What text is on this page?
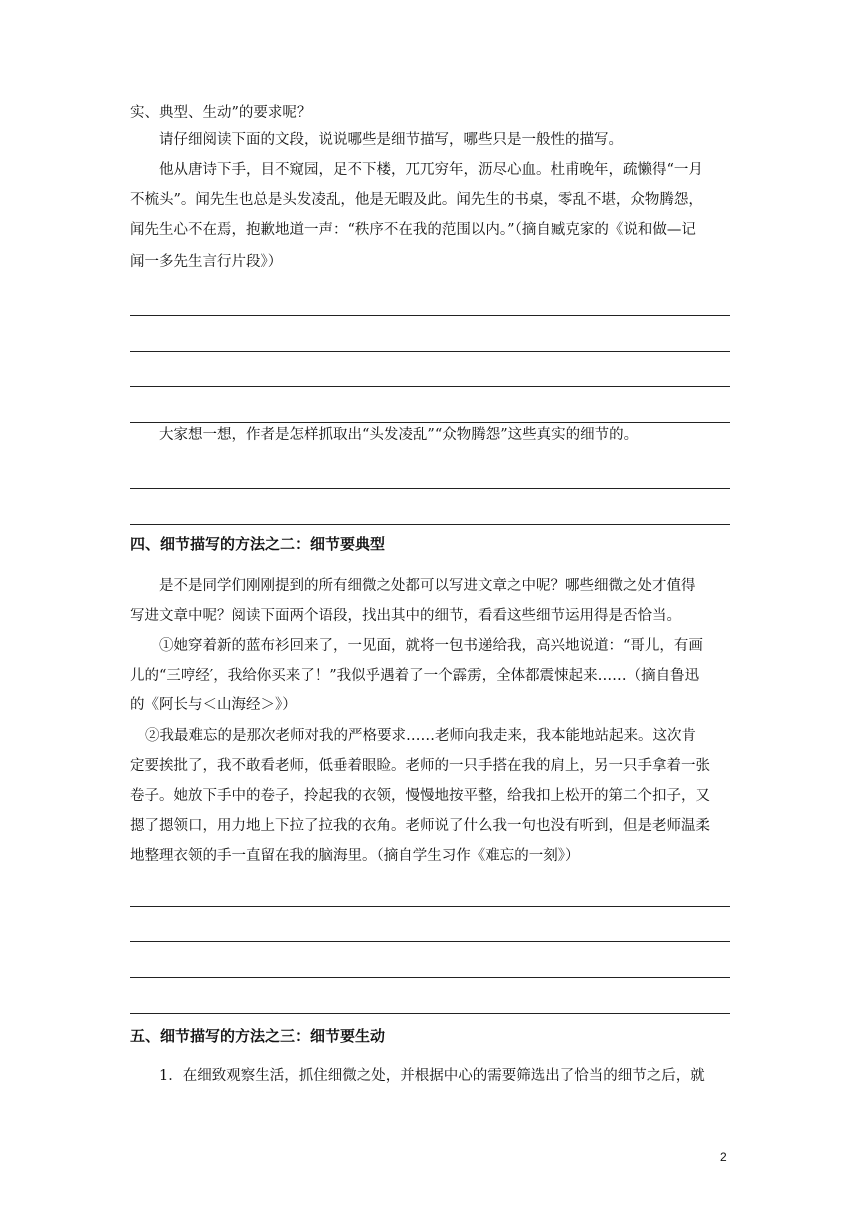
实、典型、生动”的要求呢？
请仔细阅读下面的文段，说说哪些是细节描写，哪些只是一般性的描写。
他从唐诗下手，目不窥园，足不下楼，兀兀穷年，沥尽心血。杜甫晚年，疏懒得“一月
不梳头”。闻先生也总是头发凌乱，他是无暇及此。闻先生的书桌，零乱不堪，众物腾怨，
闻先生心不在焉，抱歉地道一声：“秩序不在我的范围以内。”（摘自臧克家的《说和做—记
闻一多先生言行片段》）
大家想一想，作者是怎样抓取出“头发凌乱”“众物腾怨”这些真实的细节的。
四、细节描写的方法之二：细节要典型
是不是同学们刚刚提到的所有细微之处都可以写进文章之中呢？哪些细微之处才值得
写进文章中呢？阅读下面两个语段，找出其中的细节，看看这些细节运用得是否恰当。
①她穿着新的蓝布衫回来了，一见面，就将一包书递给我，高兴地说道：“哥儿，有画
儿的“三哼经′，我给你买来了！”我似乎遇着了一个霹雳，全体都震悚起来……（摘自鲁迅
的《阿长与＜山海经＞》）
②我最难忘的是那次老师对我的严格要求……老师向我走来，我本能地站起来。这次肯
定要挨批了，我不敢看老师，低垂着眼睑。老师的一只手搭在我的肩上，另一只手拿着一张
卷子。她放下手中的卷子，拎起我的衣领，慢慢地按平整，给我扣上松开的第二个扣子，又
摁了摁领口，用力地上下拉了拉我的衣角。老师说了什么我一句也没有听到，但是老师温柔
地整理衣领的手一直留在我的脑海里。（摘自学生习作《难忘的一刻》）
五、细节描写的方法之三：细节要生动
1．在细致观察生活，抓住细微之处，并根据中心的需要筛选出了恰当的细节之后，就
2
